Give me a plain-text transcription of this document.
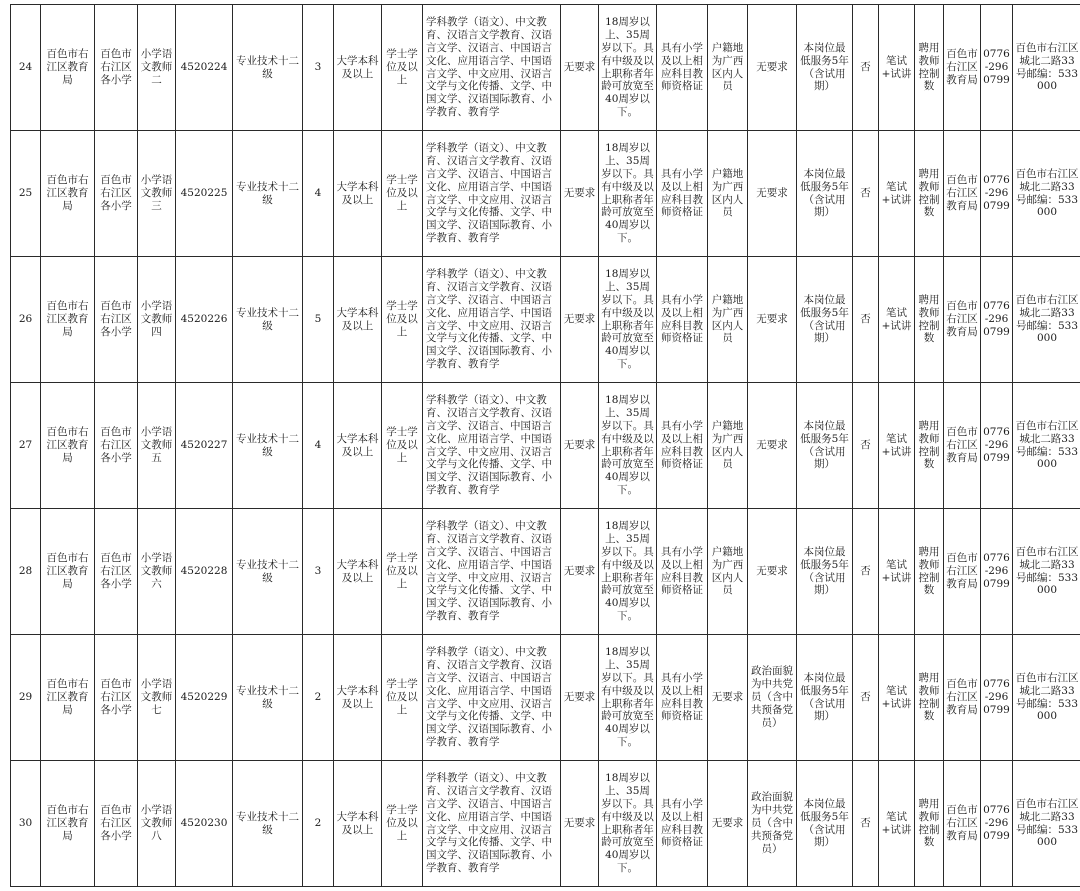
24	百色市右江区教育局	百色市右江区各小学	小学语文教师二	4520224	专业技术十二级	3	大学本科及以上	学士学位及以上	学科教学（语文）、中文教育、汉语言文学教育、汉语言文学、汉语言、中国语言文化、应用语言学、中国语言文学、中文应用、汉语言文学与文化传播、文学、中国文学、汉语国际教育、小学教育、教育学	无要求	18周岁以上、35周岁以下。具有中级及以上职称者年龄可放宽至40周岁以下。	具有小学及以上相应科目教师资格证	户籍地为广西区内人员	无要求	本岗位最低服务5年（含试用期）	否	笔试+试讲	聘用教师控制数	百色市右江区教育局	0776-2960799	百色市右江区城北二路33号邮编：533000
25	百色市右江区教育局	百色市右江区各小学	小学语文教师三	4520225	专业技术十二级	4	大学本科及以上	学士学位及以上	学科教学（语文）、中文教育、汉语言文学教育、汉语言文学、汉语言、中国语言文化、应用语言学、中国语言文学、中文应用、汉语言文学与文化传播、文学、中国文学、汉语国际教育、小学教育、教育学	无要求	18周岁以上、35周岁以下。具有中级及以上职称者年龄可放宽至40周岁以下。	具有小学及以上相应科目教师资格证	户籍地为广西区内人员	无要求	本岗位最低服务5年（含试用期）	否	笔试+试讲	聘用教师控制数	百色市右江区教育局	0776-2960799	百色市右江区城北二路33号邮编：533000
26	百色市右江区教育局	百色市右江区各小学	小学语文教师四	4520226	专业技术十二级	5	大学本科及以上	学士学位及以上	学科教学（语文）、中文教育、汉语言文学教育、汉语言文学、汉语言、中国语言文化、应用语言学、中国语言文学、中文应用、汉语言文学与文化传播、文学、中国文学、汉语国际教育、小学教育、教育学	无要求	18周岁以上、35周岁以下。具有中级及以上职称者年龄可放宽至40周岁以下。	具有小学及以上相应科目教师资格证	户籍地为广西区内人员	无要求	本岗位最低服务5年（含试用期）	否	笔试+试讲	聘用教师控制数	百色市右江区教育局	0776-2960799	百色市右江区城北二路33号邮编：533000
27	百色市右江区教育局	百色市右江区各小学	小学语文教师五	4520227	专业技术十二级	4	大学本科及以上	学士学位及以上	学科教学（语文）、中文教育、汉语言文学教育、汉语言文学、汉语言、中国语言文化、应用语言学、中国语言文学、中文应用、汉语言文学与文化传播、文学、中国文学、汉语国际教育、小学教育、教育学	无要求	18周岁以上、35周岁以下。具有中级及以上职称者年龄可放宽至40周岁以下。	具有小学及以上相应科目教师资格证	户籍地为广西区内人员	无要求	本岗位最低服务5年（含试用期）	否	笔试+试讲	聘用教师控制数	百色市右江区教育局	0776-2960799	百色市右江区城北二路33号邮编：533000
28	百色市右江区教育局	百色市右江区各小学	小学语文教师六	4520228	专业技术十二级	3	大学本科及以上	学士学位及以上	学科教学（语文）、中文教育、汉语言文学教育、汉语言文学、汉语言、中国语言文化、应用语言学、中国语言文学、中文应用、汉语言文学与文化传播、文学、中国文学、汉语国际教育、小学教育、教育学	无要求	18周岁以上、35周岁以下。具有中级及以上职称者年龄可放宽至40周岁以下。	具有小学及以上相应科目教师资格证	户籍地为广西区内人员	无要求	本岗位最低服务5年（含试用期）	否	笔试+试讲	聘用教师控制数	百色市右江区教育局	0776-2960799	百色市右江区城北二路33号邮编：533000
29	百色市右江区教育局	百色市右江区各小学	小学语文教师七	4520229	专业技术十二级	2	大学本科及以上	学士学位及以上	学科教学（语文）、中文教育、汉语言文学教育、汉语言文学、汉语言、中国语言文化、应用语言学、中国语言文学、中文应用、汉语言文学与文化传播、文学、中国文学、汉语国际教育、小学教育、教育学	无要求	18周岁以上、35周岁以下。具有中级及以上职称者年龄可放宽至40周岁以下。	具有小学及以上相应科目教师资格证	无要求	政治面貌为中共党员（含中共预备党员）	本岗位最低服务5年（含试用期）	否	笔试+试讲	聘用教师控制数	百色市右江区教育局	0776-2960799	百色市右江区城北二路33号邮编：533000
30	百色市右江区教育局	百色市右江区各小学	小学语文教师八	4520230	专业技术十二级	2	大学本科及以上	学士学位及以上	学科教学（语文）、中文教育、汉语言文学教育、汉语言文学、汉语言、中国语言文化、应用语言学、中国语言文学、中文应用、汉语言文学与文化传播、文学、中国文学、汉语国际教育、小学教育、教育学	无要求	18周岁以上、35周岁以下。具有中级及以上职称者年龄可放宽至40周岁以下。	具有小学及以上相应科目教师资格证	无要求	政治面貌为中共党员（含中共预备党员）	本岗位最低服务5年（含试用期）	否	笔试+试讲	聘用教师控制数	百色市右江区教育局	0776-2960799	百色市右江区城北二路33号邮编：533000
